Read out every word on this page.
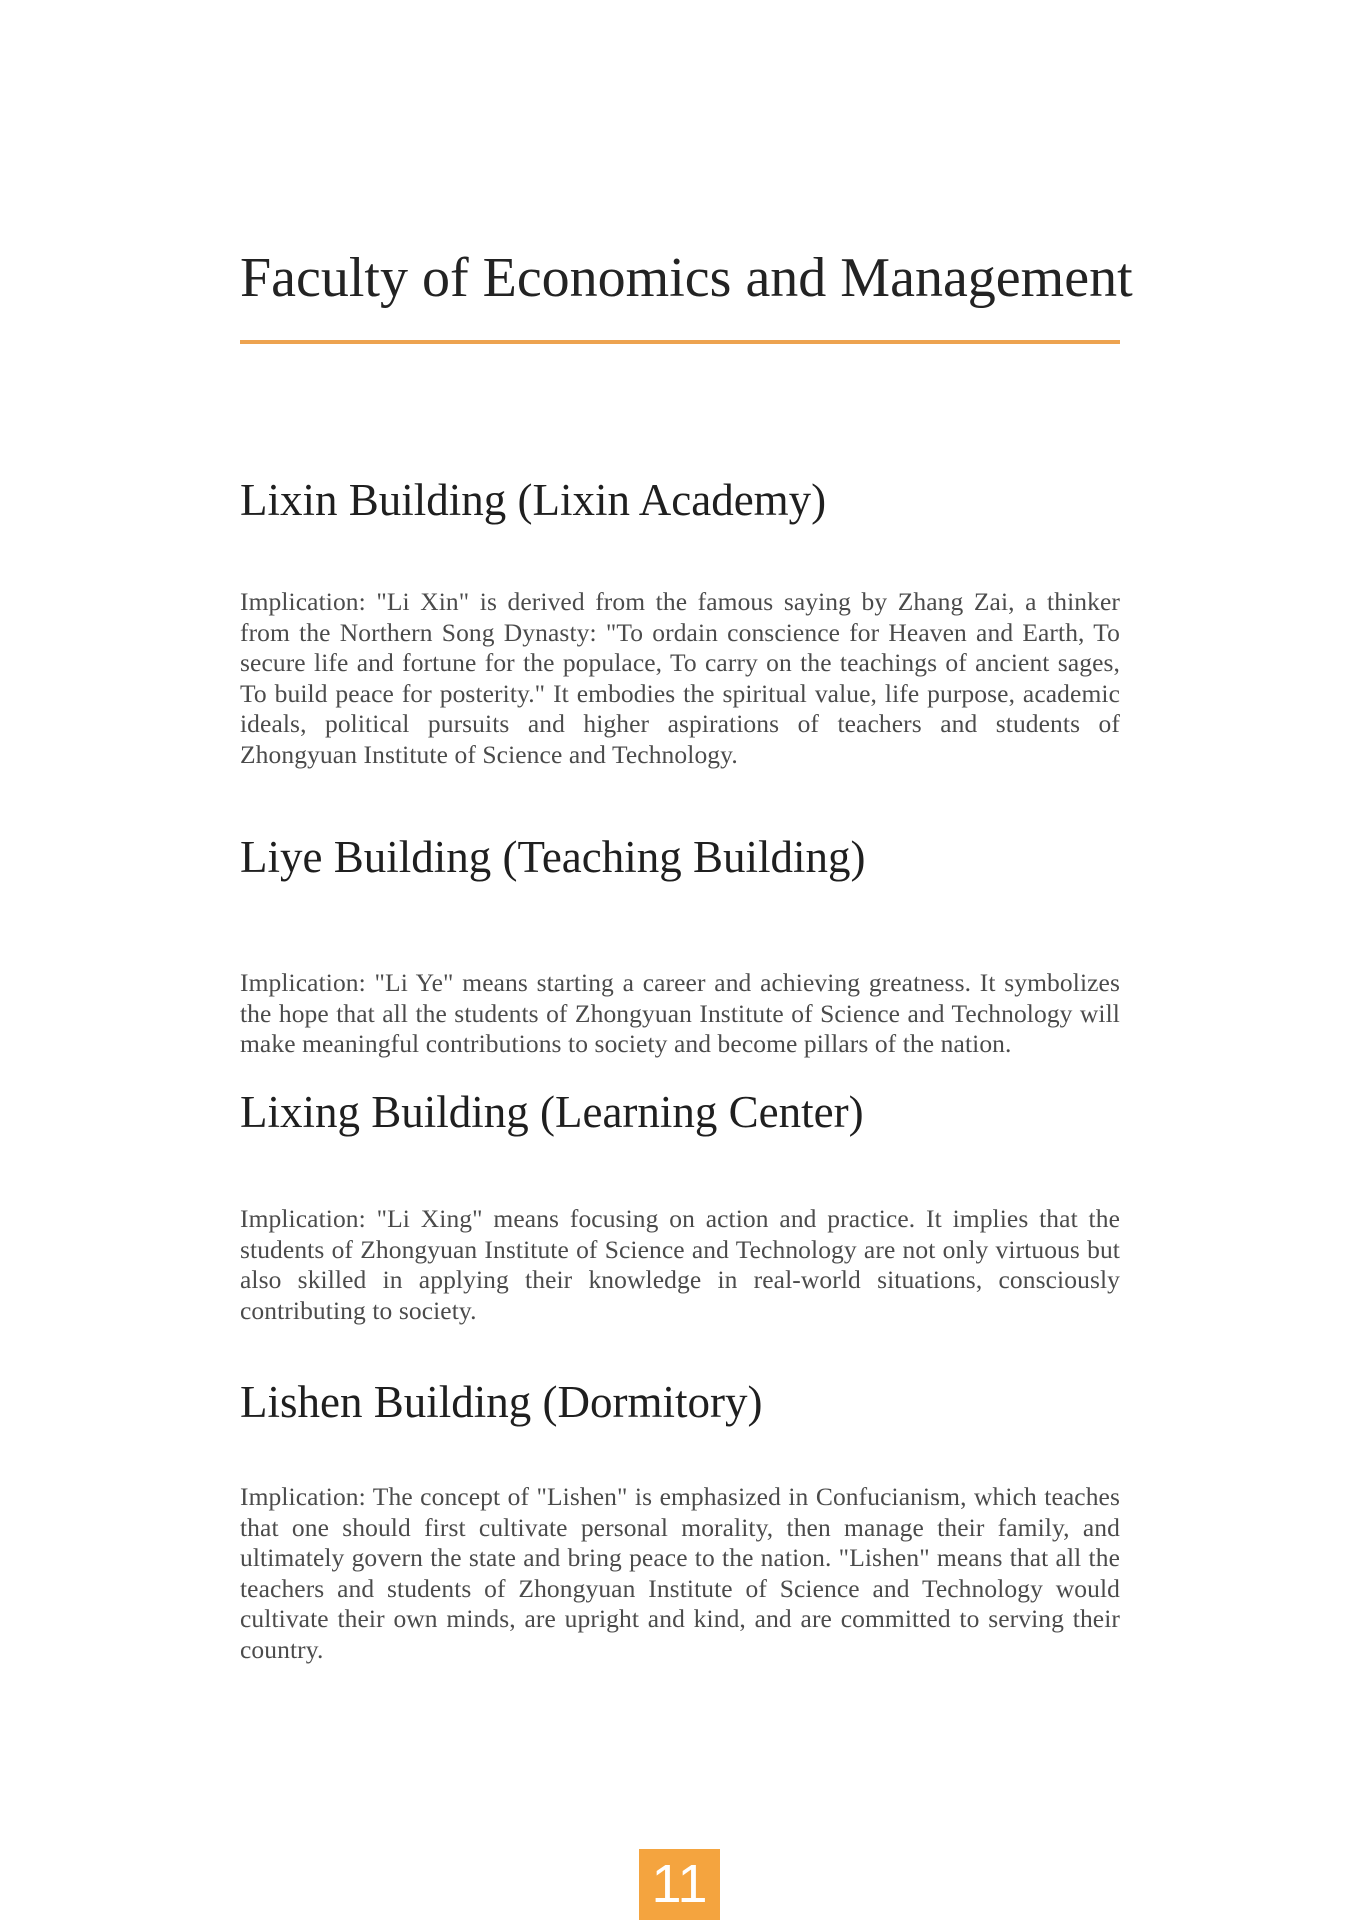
Faculty of Economics and Management
Lixin Building (Lixin Academy)
Implication: "Li Xin" is derived from the famous saying by Zhang Zai, a thinker from the Northern Song Dynasty: "To ordain conscience for Heaven and Earth, To secure life and fortune for the populace, To carry on the teachings of ancient sages, To build peace for posterity." It embodies the spiritual value, life purpose, academic ideals, political pursuits and higher aspirations of teachers and students of Zhongyuan Institute of Science and Technology.
Liye Building (Teaching Building)
Implication: "Li Ye" means starting a career and achieving greatness. It symbolizes the hope that all the students of Zhongyuan Institute of Science and Technology will make meaningful contributions to society and become pillars of the nation.
Lixing Building (Learning Center)
Implication: "Li Xing" means focusing on action and practice. It implies that the students of Zhongyuan Institute of Science and Technology are not only virtuous but also skilled in applying their knowledge in real-world situations, consciously contributing to society.
Lishen Building (Dormitory)
Implication: The concept of "Lishen" is emphasized in Confucianism, which teaches that one should first cultivate personal morality, then manage their family, and ultimately govern the state and bring peace to the nation. "Lishen" means that all the teachers and students of Zhongyuan Institute of Science and Technology would cultivate their own minds, are upright and kind, and are committed to serving their country.
11
